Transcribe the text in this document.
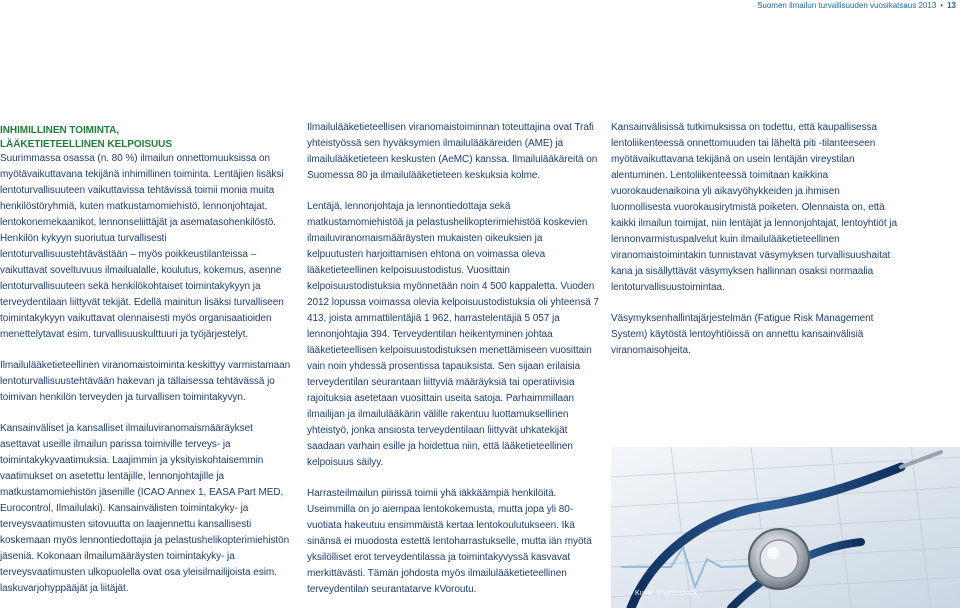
Suomen ilmailun turvallisuuden vuosikatsaus 2013 • 13
INHIMILLINEN TOIMINTA,
LÄÄKETIETEELLINEN KELPOISUUS

Suurimmassa osassa (n. 80 %) ilmailun onnettomuuksissa on myötävaikuttavana tekijänä inhimillinen toiminta. Lentäjien lisäksi lentoturvallisuuteen vaikuttavissa tehtävissä toimii monia muita henkilöstöryhmiä, kuten matkustamomiehistö, lennonjohtajat, lentokonemekaanikot, lennonseliittäjät ja asematasohenkilöstö. Henkilön kykyyn suoriutua turvallisesti lentoturvallisuustehtävästään – myös poikkeustilanteissa – vaikuttavat soveltuvuus ilmailualalle, koulutus, kokemus, asenne lentoturvallisuuteen sekä henkilökohtaiset toimintakykyyn ja terveydentilaan liittyvät tekijät. Edellä mainitun lisäksi turvalliseen toimintakykyyn vaikuttavat olennaisesti myös organisaatioiden menettelytavat esim. turvallisuuskulttuuri ja työjärjestelyt.

Ilmailulääketieteellinen viranomaistoiminta keskittyy varmistamaan lentoturvallisuustehtävään hakevan ja tällaisessa tehtävässä jo toimivan henkilön terveyden ja turvallisen toimintakyvyn.

Kansainväliset ja kansalliset ilmailuviranomaismääräykset asettavat useille ilmailun parissa toimiville terveys- ja toimintakykyvaatimuksia. Laajimmin ja yksityiskohtaisemmin vaatimukset on asetettu lentäjille, lennonjohtajille ja matkustamomiehistön jäsenille (ICAO Annex 1, EASA Part MED, Eurocontrol, Ilmailulaki). Kansainvälisten toimintakyky- ja terveysvaatimusten sitovuutta on laajennettu kansallisesti koskemaan myös lennontiedottajia ja pelastushelikopterimiehistön jäseniä. Kokonaan ilmailumääräysten toimintakyky- ja terveysvaatimusten ulkopuolella ovat osa yleisilmailijoista esim. laskuvarjohyppääjät ja liitäjät.

Ilmailulääketieteellisen viranomaistoiminnan toteuttajina ovat Trafi yhteistyössä sen hyväksymien ilmailulääkäreiden (AME) ja ilmailulääketieteen keskusten (AeMC) kanssa. Ilmailulääkäreitä on Suomessa 80 ja ilmailulääketieteen keskuksia kolme.

Lentäjä, lennonjohtaja ja lennontiedottaja sekä matkustamomiehistöä ja pelastushelikopterimiehistöä koskevien ilmailuviranomaismääräysten mukaisten oikeuksien ja kelpuutusten harjoittamisen ehtona on voimassa oleva lääketieteellinen kelpoisuustodistus. Vuosittain kelpoisuustodistuksia myönnetään noin 4 500 kappaletta. Vuoden 2012 lopussa voimassa olevia kelpoisuustodistuksia oli yhteensä 7 413, joista ammattilentäjiä 1 962, harrastelentäjiä 5 057 ja lennonjohtajia 394. Terveydentilan heikentyminen johtaa lääketieteellisen kelpoisuustodistuksen menettämiseen vuosittain vain noin yhdessä prosentissa tapauksista. Sen sijaan erilaisia terveydentilan seurantaan liittyviä määräyksiä tai operatiivisia rajoituksia asetetaan vuosittain useita satoja. Parhaimmillaan ilmailijan ja ilmailulääkärin välille rakentuu luottamuksellinen yhteistyö, jonka ansiosta terveydentilaan liittyvät uhkatekijät saadaan varhain esille ja hoidettua niin, että lääketieteellinen kelpoisuus säilyy.

Harrasteilmailun piirissä toimii yhä iäkkäämpiä henkilöitä. Useimmilla on jo aiempaa lentokokemusta, mutta jopa yli 80-vuotiata hakeutuu ensimmäistä kertaa lentokoulutukseen. Ikä sinänsä ei muodosta estettä lentoharrastukselle, mutta iän myötä yksilölliset erot terveydentilassa ja toimintakyvyssä kasvavat merkittävästi. Tämän johdosta myös ilmailulääketieteellinen terveydentilan seurantatarve kVoroutu.

Kansainvälisissä tutkimuksissa on todettu, että kaupallisessa lentoliikenteessä onnettomuuden tai läheltä piti -tilanteeseen myötävaikuttavana tekijänä on usein lentäjän vireystilan alentuminen. Lentoliikenteessä toimitaan kaikkina vuorokaudenaikoina yli aikavyöhykkeiden ja ihmisen luonnollisesta vuorokausirytmistä poiketen. Olennaista on, että kaikki ilmailun toimijat, niin lentäjät ja lennonjohtajat, lentoyhtiöt ja lennonvarmistuspalvelut kuin ilmailulääketieteellinen viranomaistoimintakin tunnistavat väsymyksen turvallisuushaitat kana ja sisällyttävät väsymyksen hallinnan osaksi normaalia lentoturvallisuustoimintaa.

Väsymyksenhallintajärjestelmän (Fatigue Risk Management System) käytöstä lentoyhtiöissä on annettu kansainvälisiä viranomaisohjeita.

Kuva: Shutterstock
